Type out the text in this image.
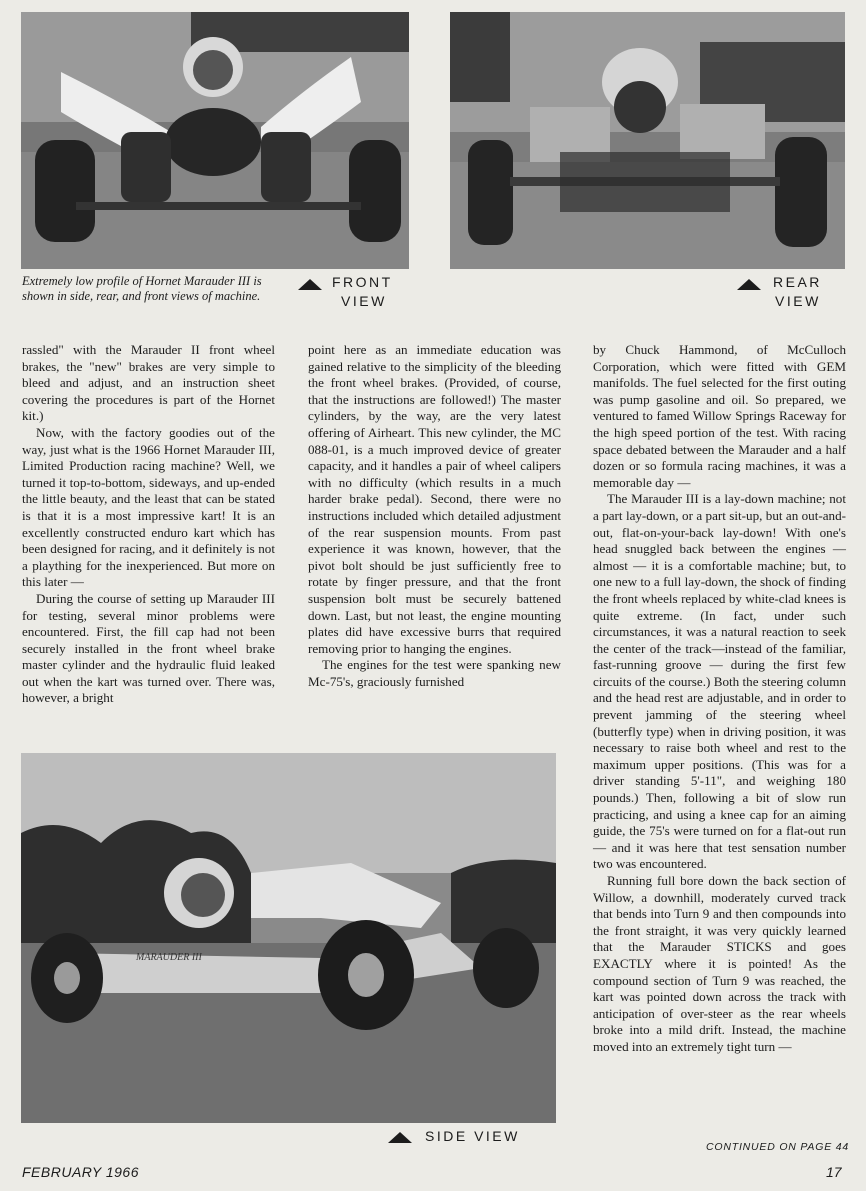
Extremely low profile of Hornet Marauder III is shown in side, rear, and front views of machine.
FRONT
VIEW
REAR
VIEW

rassled" with the Marauder II front wheel brakes, the "new" brakes are very simple to bleed and adjust, and an instruction sheet covering the procedures is part of the Hornet kit.)

Now, with the factory goodies out of the way, just what is the 1966 Hornet Marauder III, Limited Production racing machine? Well, we turned it top-to-bottom, sideways, and up-ended the little beauty, and the least that can be stated is that it is a most impressive kart! It is an excellently constructed enduro kart which has been designed for racing, and it definitely is not a plaything for the inexperienced. But more on this later —

During the course of setting up Marauder III for testing, several minor problems were encountered. First, the fill cap had not been securely installed in the front wheel brake master cylinder and the hydraulic fluid leaked out when the kart was turned over. There was, however, a bright

point here as an immediate education was gained relative to the simplicity of the bleeding the front wheel brakes. (Provided, of course, that the instructions are followed!) The master cylinders, by the way, are the very latest offering of Airheart. This new cylinder, the MC 088-01, is a much improved device of greater capacity, and it handles a pair of wheel calipers with no difficulty (which results in a much harder brake pedal). Second, there were no instructions included which detailed adjustment of the rear suspension mounts. From past experience it was known, however, that the pivot bolt should be just sufficiently free to rotate by finger pressure, and that the front suspension bolt must be securely battened down. Last, but not least, the engine mounting plates did have excessive burrs that required removing prior to hanging the engines.

The engines for the test were spanking new Mc-75's, graciously furnished

by Chuck Hammond, of McCulloch Corporation, which were fitted with GEM manifolds. The fuel selected for the first outing was pump gasoline and oil. So prepared, we ventured to famed Willow Springs Raceway for the high speed portion of the test. With racing space debated between the Marauder and a half dozen or so formula racing machines, it was a memorable day —

The Marauder III is a lay-down machine; not a part lay-down, or a part sit-up, but an out-and-out, flat-on-your-back lay-down! With one's head snuggled back between the engines — almost — it is a comfortable machine; but, to one new to a full lay-down, the shock of finding the front wheels replaced by white-clad knees is quite extreme. (In fact, under such circumstances, it was a natural reaction to seek the center of the track—instead of the familiar, fast-running groove — during the first few circuits of the course.) Both the steering column and the head rest are adjustable, and in order to prevent jamming of the steering wheel (butterfly type) when in driving position, it was necessary to raise both wheel and rest to the maximum upper positions. (This was for a driver standing 5'-11", and weighing 180 pounds.) Then, following a bit of slow run practicing, and using a knee cap for an aiming guide, the 75's were turned on for a flat-out run — and it was here that test sensation number two was encountered.

Running full bore down the back section of Willow, a downhill, moderately curved track that bends into Turn 9 and then compounds into the front straight, it was very quickly learned that the Marauder STICKS and goes EXACTLY where it is pointed! As the compound section of Turn 9 was reached, the kart was pointed down across the track with anticipation of over-steer as the rear wheels broke into a mild drift. Instead, the machine moved into an extremely tight turn —

MARAUDER III
SIDE VIEW
CONTINUED ON PAGE 44
FEBRUARY 1966	17
